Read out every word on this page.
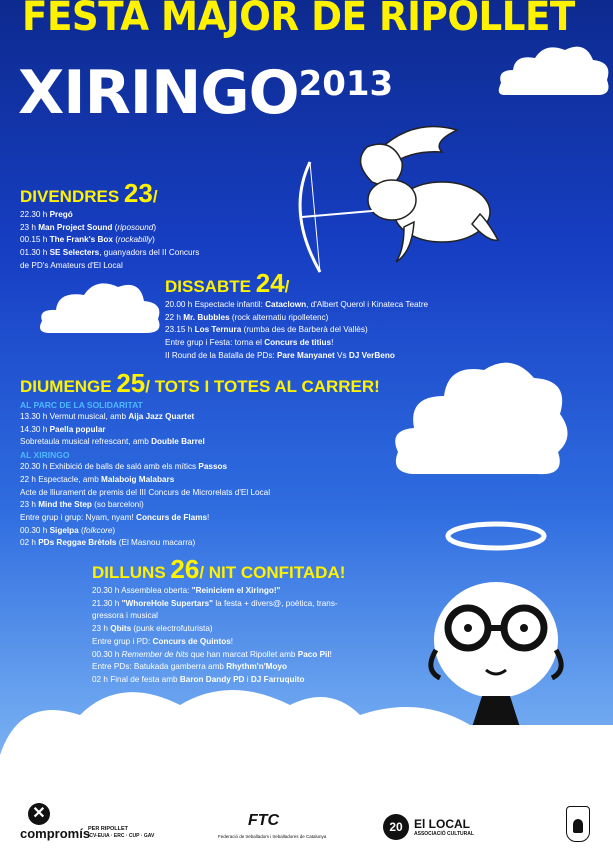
FESTA MAJOR DE RIPOLLET
XIRINGO2013
DIVENDRES 23/
22.30 h Pregó
23 h Man Project Sound (riposound)
00.15 h The Frank's Box (rockabilly)
01.30 h SE Selecters, guanyadors del II Concurs
de PD's Amateurs d'El Local
DISSABTE 24/
20.00 h Espectacle infantil: Cataclown, d'Albert Querol i Kinateca Teatre
22 h Mr. Bubbles (rock alternatiu ripolletenc)
23.15 h Los Ternura (rumba des de Barberà del Vallès)
Entre grup i Festa: torna el Concurs de titius!
II Round de la Batalla de PDs: Pare Manyanet Vs DJ VerBeno
DIUMENGE 25/ TOTS I TOTES AL CARRER!
AL PARC DE LA SOLIDARITAT
13.30 h Vermut musical, amb Aija Jazz Quartet
14.30 h Paella popular
Sobretaula musical refrescant, amb Double Barrel
AL XIRINGO
20.30 h Exhibició de balls de saló amb els mítics Passos
22 h Espectacle, amb Malaboig Malabars
Acte de lliurament de premis del III Concurs de Microrelats d'El Local
23 h Mind the Step (so barceloni)
Entre grup i grup: Nyam, nyam! Concurs de Flams!
00.30 h Sigelpa (folkcore)
02 h PDs Reggae Brètols (El Masnou macarra)
DILLUNS 26/ NIT CONFITADA!
20.30 h Assemblea oberta: "Reiniciem el Xiringo!"
21.30 h "WhoreHole Supertars" la festa + divers@, poètica, trans-
gressora i musical
23 h Qbits (punk electrofuturista)
Entre grup i PD: Concurs de Quintos!
00.30 h Remember de hits que han marcat Ripollet amb Paco Pil!
Entre PDs: Batukada gamberra amb Rhythm'n'Moyo
02 h Final de festa amb Baron Dandy PD i DJ Farruquito
✕
compromís
PER RIPOLLET
ICV-EUiA · ERC · CUP · GAV
FTC
Federació de treballadors i treballadores de Catalunya
20 El LOCAL
ASSOCIACIÓ CULTURAL
